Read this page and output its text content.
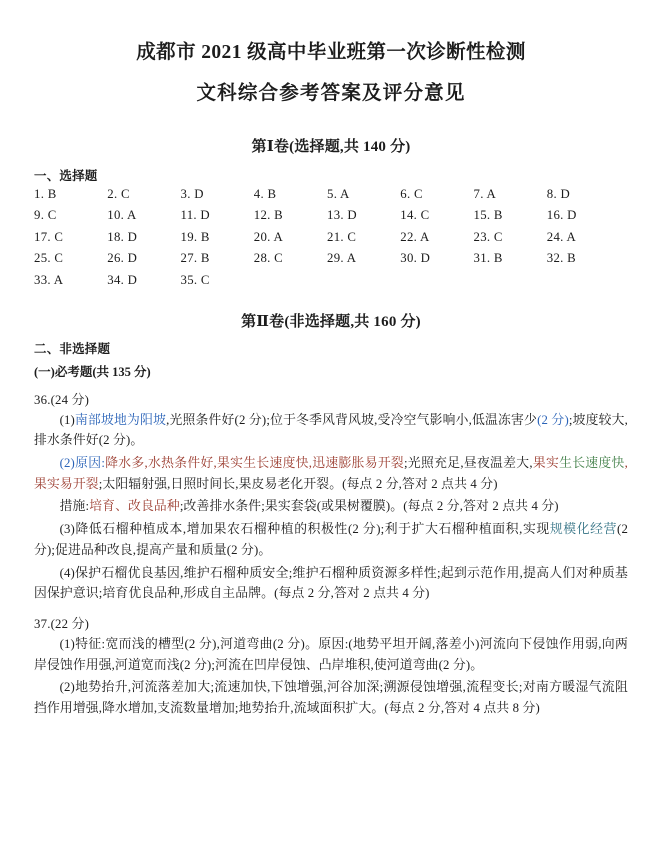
成都市 2021 级高中毕业班第一次诊断性检测
文科综合参考答案及评分意见
第Ⅰ卷(选择题,共 140 分)
一、选择题
1. B	2. C	3. D	4. B	5. A	6. C	7. A	8. D
9. C	10. A	11. D	12. B	13. D	14. C	15. B	16. D
17. C	18. D	19. B	20. A	21. C	22. A	23. C	24. A
25. C	26. D	27. B	28. C	29. A	30. D	31. B	32. B
33. A	34. D	35. C
第Ⅱ卷(非选择题,共 160 分)
二、非选择题
(一)必考题(共 135 分)
36.(24 分)

(1)南部坡地为阳坡,光照条件好(2 分);位于冬季风背风坡,受冷空气影响小,低温冻害少(2 分);坡度较大,排水条件好(2 分)。

(2)原因:降水多,水热条件好,果实生长速度快,迅速膨胀易开裂;光照充足,昼夜温差大,果实生长速度快,果实易开裂;太阳辐射强,日照时间长,果皮易老化开裂。(每点 2 分,答对 2 点共 4 分)

措施:培育、改良品种;改善排水条件;果实套袋(或果树覆膜)。(每点 2 分,答对 2 点共 4 分)

(3)降低石榴种植成本,增加果农石榴种植的积极性(2 分);利于扩大石榴种植面积,实现规模化经营(2 分);促进品种改良,提高产量和质量(2 分)。

(4)保护石榴优良基因,维护石榴种质安全;维护石榴种质资源多样性;起到示范作用,提高人们对种质基因保护意识;培育优良品种,形成自主品牌。(每点 2 分,答对 2 点共 4 分)

37.(22 分)

(1)特征:宽而浅的槽型(2 分),河道弯曲(2 分)。原因:(地势平坦开阔,落差小)河流向下侵蚀作用弱,向两岸侵蚀作用强,河道宽而浅(2 分);河流在凹岸侵蚀、凸岸堆积,使河道弯曲(2 分)。

(2)地势抬升,河流落差加大;流速加快,下蚀增强,河谷加深;溯源侵蚀增强,流程变长;对南方暖湿气流阻挡作用增强,降水增加,支流数量增加;地势抬升,流域面积扩大。(每点 2 分,答对 4 点共 8 分)
